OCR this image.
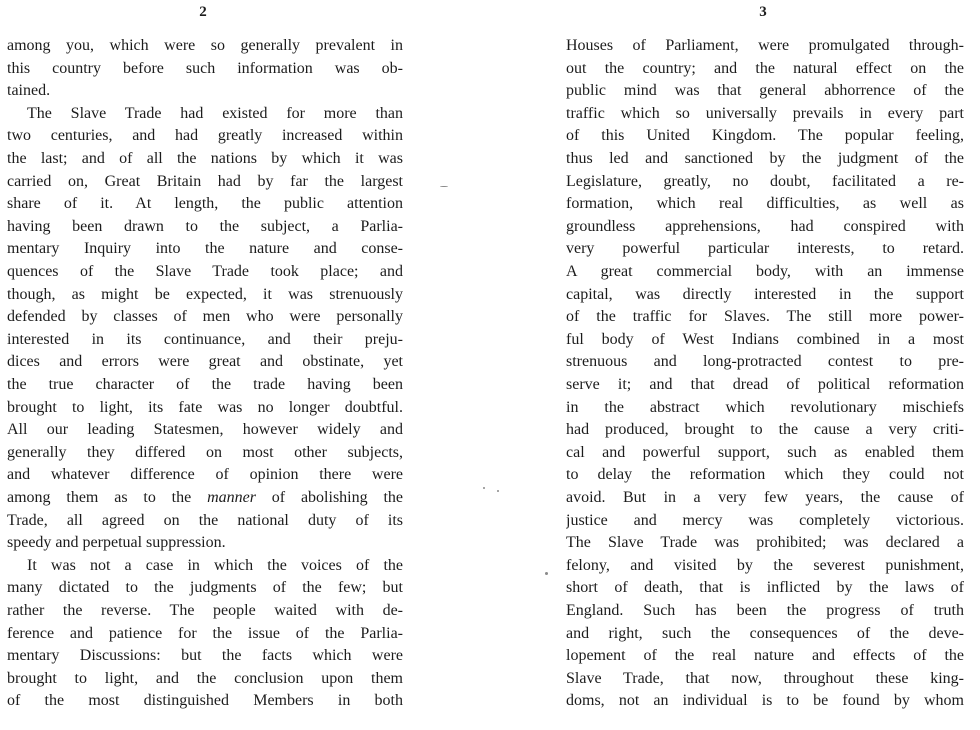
2
among you, which were so generally prevalent in
this country before such information was ob-
tained.
The Slave Trade had existed for more than
two centuries, and had greatly increased within
the last; and of all the nations by which it was
carried on, Great Britain had by far the largest
share of it. At length, the public attention
having been drawn to the subject, a Parlia-
mentary Inquiry into the nature and conse-
quences of the Slave Trade took place; and
though, as might be expected, it was strenuously
defended by classes of men who were personally
interested in its continuance, and their preju-
dices and errors were great and obstinate, yet
the true character of the trade having been
brought to light, its fate was no longer doubtful.
All our leading Statesmen, however widely and
generally they differed on most other subjects,
and whatever difference of opinion there were
among them as to the manner of abolishing the
Trade, all agreed on the national duty of its
speedy and perpetual suppression.
It was not a case in which the voices of the
many dictated to the judgments of the few; but
rather the reverse. The people waited with de-
ference and patience for the issue of the Parlia-
mentary Discussions: but the facts which were
brought to light, and the conclusion upon them
of the most distinguished Members in both
3
Houses of Parliament, were promulgated through-
out the country; and the natural effect on the
public mind was that general abhorrence of the
traffic which so universally prevails in every part
of this United Kingdom. The popular feeling,
thus led and sanctioned by the judgment of the
Legislature, greatly, no doubt, facilitated a re-
formation, which real difficulties, as well as
groundless apprehensions, had conspired with
very powerful particular interests, to retard.
A great commercial body, with an immense
capital, was directly interested in the support
of the traffic for Slaves. The still more power-
ful body of West Indians combined in a most
strenuous and long-protracted contest to pre-
serve it; and that dread of political reformation
in the abstract which revolutionary mischiefs
had produced, brought to the cause a very criti-
cal and powerful support, such as enabled them
to delay the reformation which they could not
avoid. But in a very few years, the cause of
justice and mercy was completely victorious.
The Slave Trade was prohibited; was declared a
felony, and visited by the severest punishment,
short of death, that is inflicted by the laws of
England. Such has been the progress of truth
and right, such the consequences of the deve-
lopement of the real nature and effects of the
Slave Trade, that now, throughout these king-
doms, not an individual is to be found by whom
